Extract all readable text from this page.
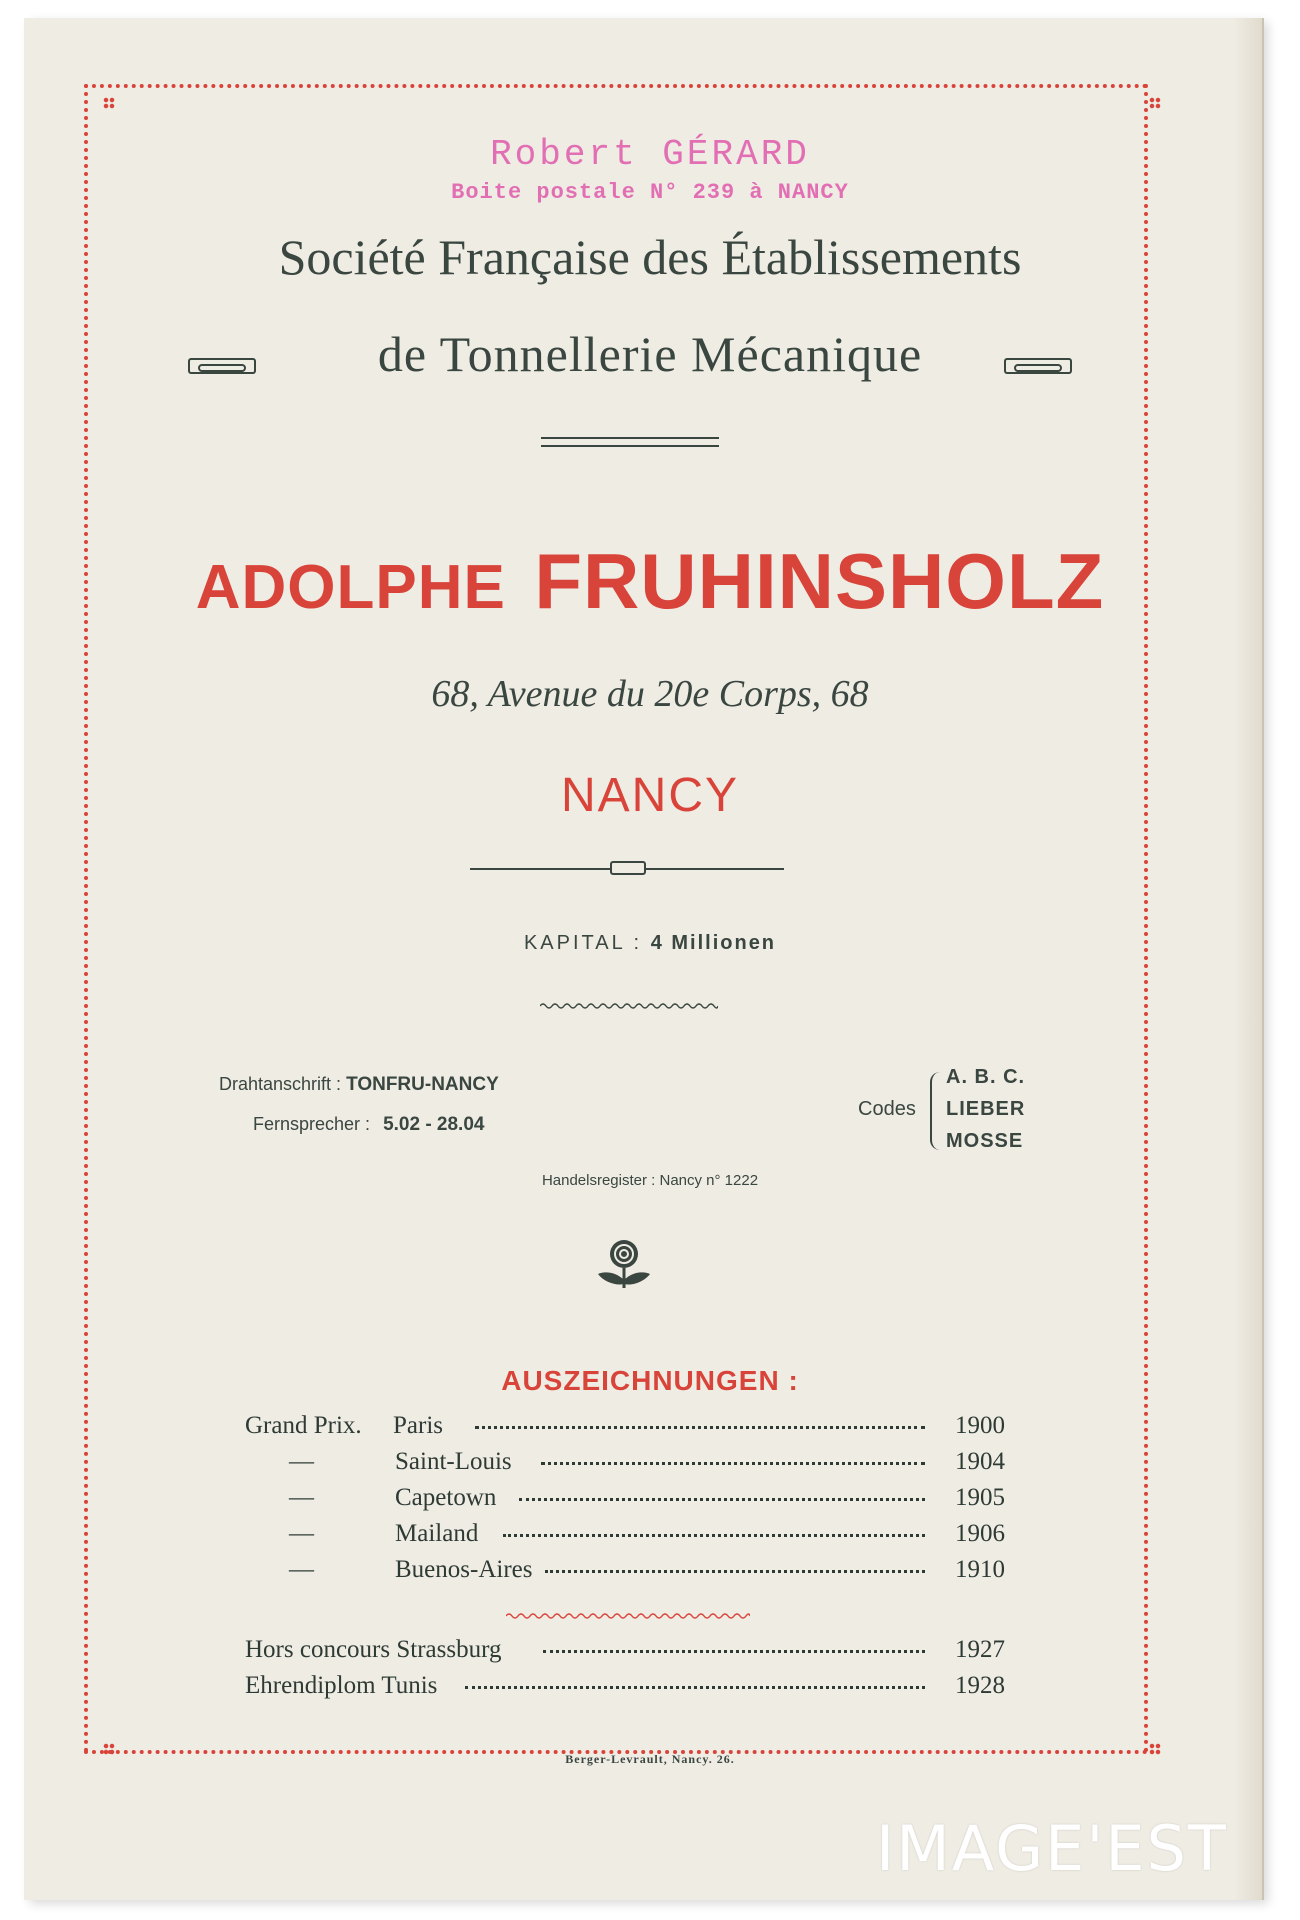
Robert GÉRARD
Boite postale N° 239 à NANCY
Société Française des Établissements
de Tonnellerie Mécanique
ADOLPHE FRUHINSHOLZ
68, Avenue du 20e Corps, 68
NANCY
KAPITAL : 4 Millionen
Drahtanschrift : TONFRU-NANCY
Fernsprecher : 5.02 - 28.04
Codes
A. B. C.
LIEBER
MOSSE
Handelsregister : Nancy n° 1222
AUSZEICHNUNGEN :
Grand Prix. Paris	1900
—	Saint-Louis	1904
—	Capetown	1905
—	Mailand	1906
—	Buenos-Aires	1910
Hors concours Strassburg	1927
Ehrendiplom Tunis	1928
Berger-Levrault, Nancy. 26.
IMAGE'EST
